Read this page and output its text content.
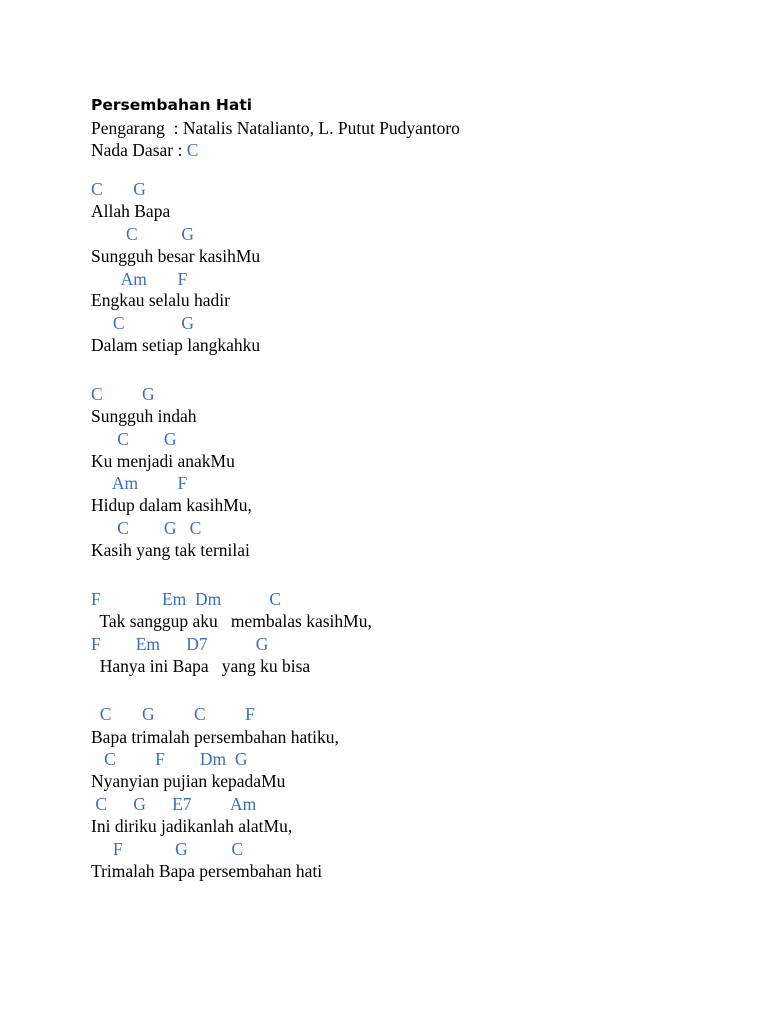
Persembahan Hati
Pengarang  : Natalis Natalianto, L. Putut Pudyantoro
Nada Dasar : C
C       G
Allah Bapa
C          G
Sungguh besar kasihMu
Am       F
Engkau selalu hadir
C             G
Dalam setiap langkahku
C         G
Sungguh indah
C        G
Ku menjadi anakMu
Am         F
Hidup dalam kasihMu,
C        G   C
Kasih yang tak ternilai
F              Em  Dm           C
Tak sanggup aku   membalas kasihMu,
F        Em      D7           G
Hanya ini Bapa   yang ku bisa
C       G         C         F
Bapa trimalah persembahan hatiku,
C         F        Dm  G
Nyanyian pujian kepadaMu
C      G      E7         Am
Ini diriku jadikanlah alatMu,
F            G          C
Trimalah Bapa persembahan hati
